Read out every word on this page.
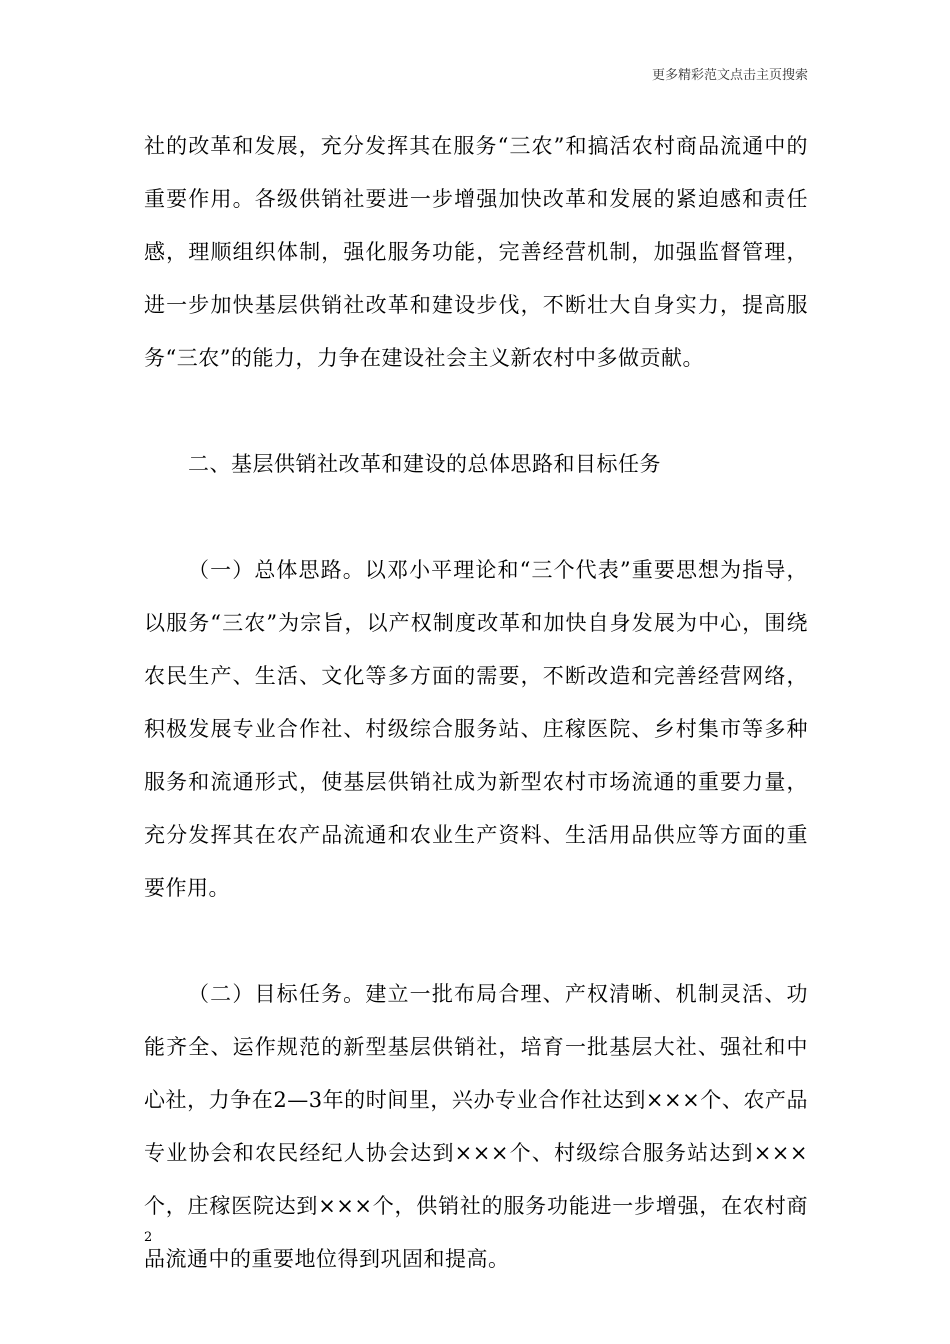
更多精彩范文点击主页搜索

社的改革和发展，充分发挥其在服务“三农”和搞活农村商品流通中的重要作用。各级供销社要进一步增强加快改革和发展的紧迫感和责任感，理顺组织体制，强化服务功能，完善经营机制，加强监督管理，进一步加快基层供销社改革和建设步伐，不断壮大自身实力，提高服务“三农”的能力，力争在建设社会主义新农村中多做贡献。

二、基层供销社改革和建设的总体思路和目标任务

（一）总体思路。以邓小平理论和“三个代表”重要思想为指导，以服务“三农”为宗旨，以产权制度改革和加快自身发展为中心，围绕农民生产、生活、文化等多方面的需要，不断改造和完善经营网络，积极发展专业合作社、村级综合服务站、庄稼医院、乡村集市等多种服务和流通形式，使基层供销社成为新型农村市场流通的重要力量，充分发挥其在农产品流通和农业生产资料、生活用品供应等方面的重要作用。

（二）目标任务。建立一批布局合理、产权清晰、机制灵活、功能齐全、运作规范的新型基层供销社，培育一批基层大社、强社和中心社，力争在2—3年的时间里，兴办专业合作社达到×××个、农产品专业协会和农民经纪人协会达到×××个、村级综合服务站达到×××个，庄稼医院达到×××个，供销社的服务功能进一步增强，在农村商品流通中的重要地位得到巩固和提高。

2
